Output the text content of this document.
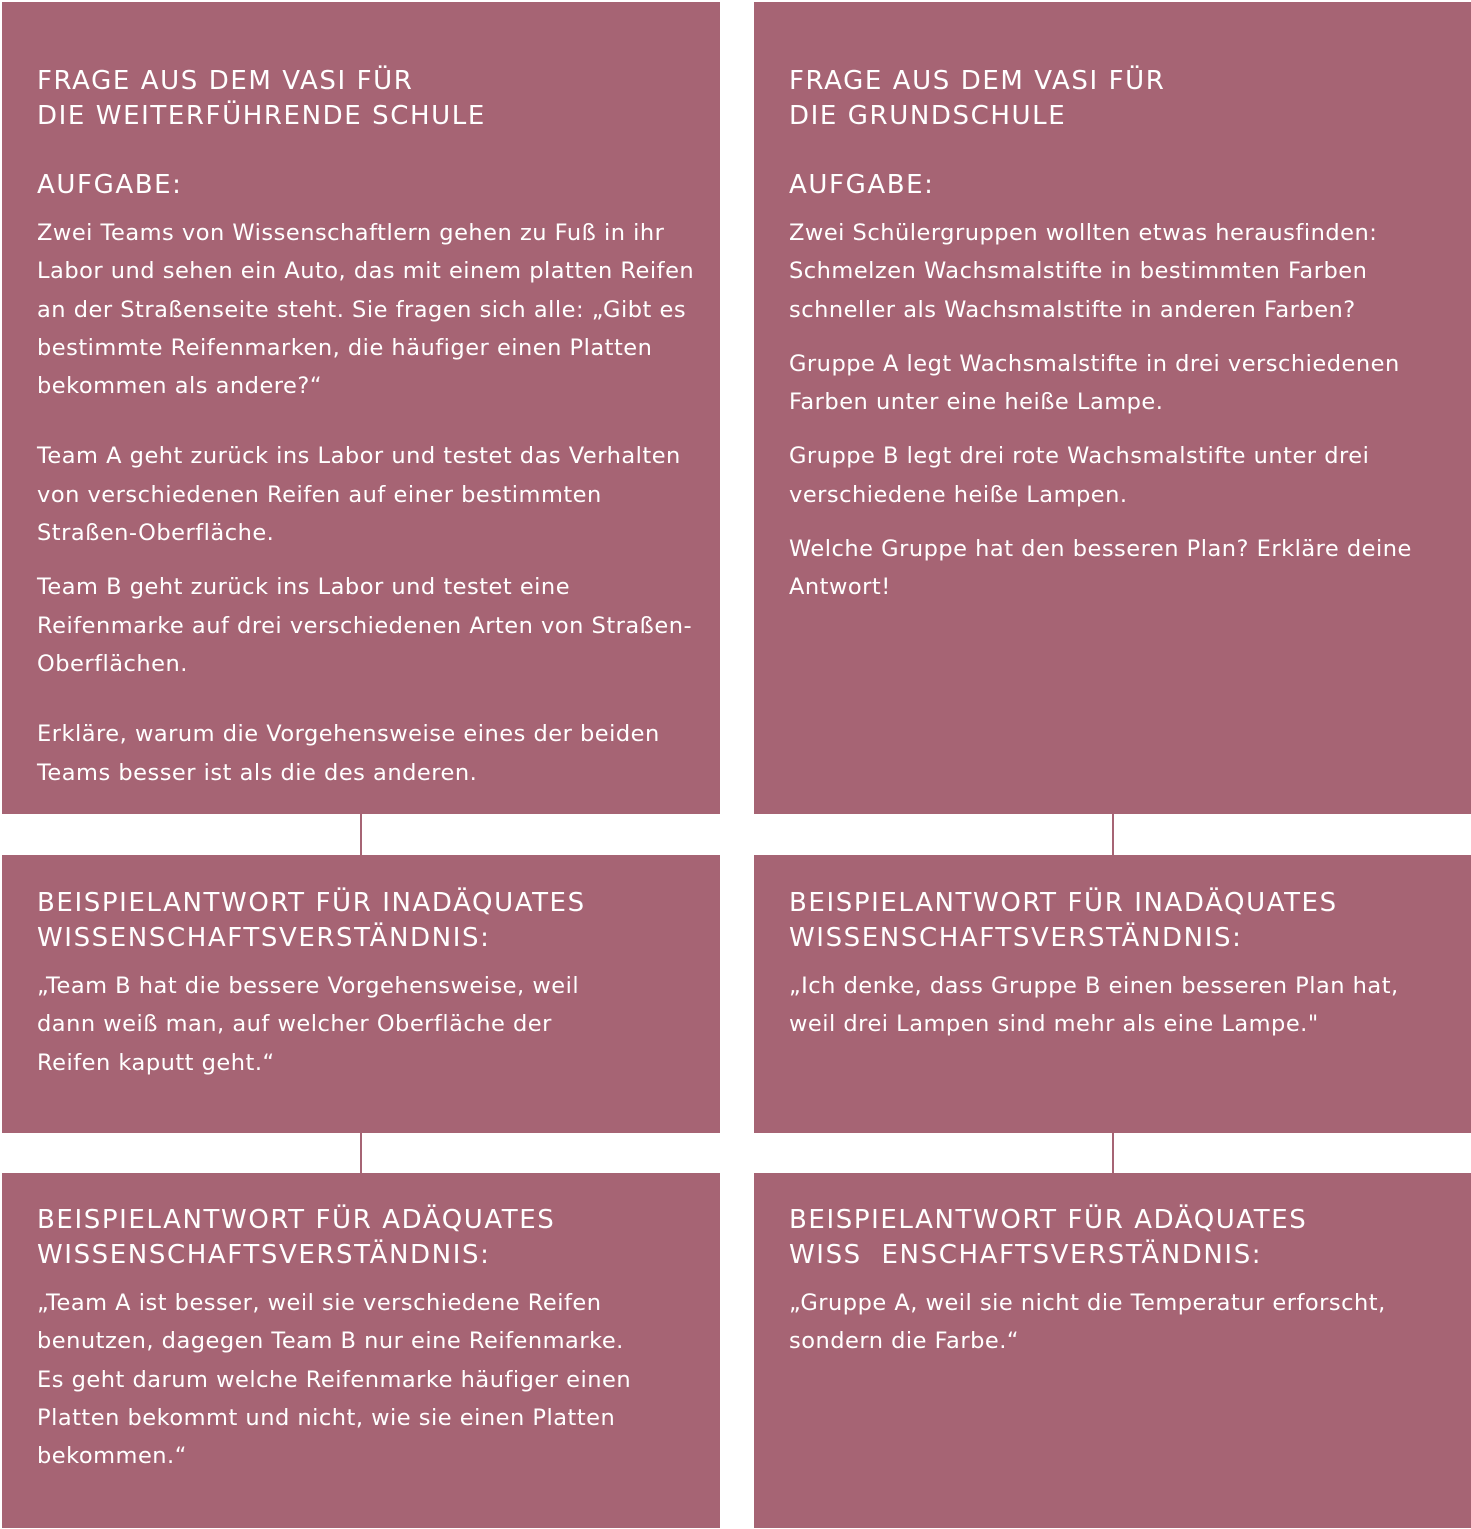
FRAGE AUS DEM VASI FÜR
DIE WEITERFÜHRENDE SCHULE
AUFGABE:

Zwei Teams von Wissenschaftlern gehen zu Fuß in ihr Labor und sehen ein Auto, das mit einem platten Reifen an der Straßenseite steht. Sie fragen sich alle: „Gibt es bestimmte Reifenmarken, die häufiger einen Platten bekommen als andere?“

Team A geht zurück ins Labor und testet das Verhalten von verschiedenen Reifen auf einer bestimmten Straßen-Oberfläche.

Team B geht zurück ins Labor und testet eine Reifenmarke auf drei verschiedenen Arten von Straßen-Oberflächen.

Erkläre, warum die Vorgehensweise eines der beiden Teams besser ist als die des anderen.

BEISPIELANTWORT FÜR INADÄQUATES
WISSENSCHAFTSVERSTÄNDNIS:

„Team B hat die bessere Vorgehensweise, weil dann weiß man, auf welcher Oberfläche der Reifen kaputt geht.“

BEISPIELANTWORT FÜR ADÄQUATES
WISSENSCHAFTSVERSTÄNDNIS:

„Team A ist besser, weil sie verschiedene Reifen benutzen, dagegen Team B nur eine Reifenmarke. Es geht darum welche Reifenmarke häufiger einen Platten bekommt und nicht, wie sie einen Platten bekommen.“

FRAGE AUS DEM VASI FÜR
DIE GRUNDSCHULE
AUFGABE:

Zwei Schülergruppen wollten etwas herausfinden: Schmelzen Wachsmalstifte in bestimmten Farben schneller als Wachsmalstifte in anderen Farben?

Gruppe A legt Wachsmalstifte in drei verschiedenen Farben unter eine heiße Lampe.

Gruppe B legt drei rote Wachsmalstifte unter drei verschiedene heiße Lampen.

Welche Gruppe hat den besseren Plan? Erkläre deine Antwort!

BEISPIELANTWORT FÜR INADÄQUATES
WISSENSCHAFTSVERSTÄNDNIS:

„Ich denke, dass Gruppe B einen besseren Plan hat, weil drei Lampen sind mehr als eine Lampe."

BEISPIELANTWORT FÜR ADÄQUATES
WISS  ENSCHAFTSVERSTÄNDNIS:

„Gruppe A, weil sie nicht die Temperatur erforscht, sondern die Farbe.“
